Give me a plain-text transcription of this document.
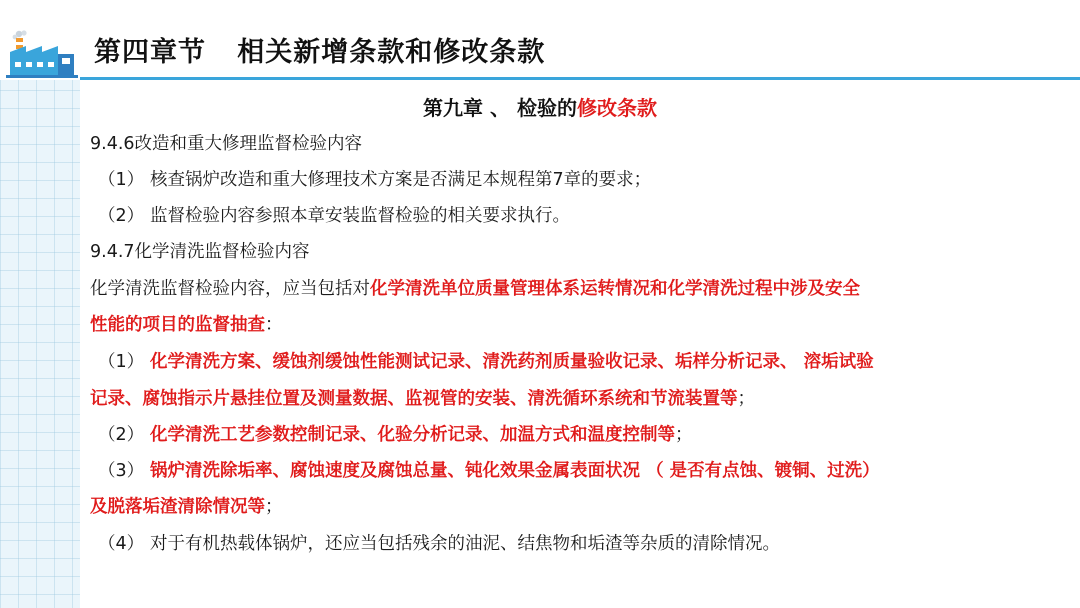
第四章节   相关新增条款和修改条款
第九章 、 检验的修改条款
9.4.6改造和重大修理监督检验内容
（1） 核查锅炉改造和重大修理技术方案是否满足本规程第7章的要求；
（2） 监督检验内容参照本章安装监督检验的相关要求执行。
9.4.7化学清洗监督检验内容
化学清洗监督检验内容，应当包括对化学清洗单位质量管理体系运转情况和化学清洗过程中涉及安全
性能的项目的监督抽查：
（1） 化学清洗方案、缓蚀剂缓蚀性能测试记录、清洗药剂质量验收记录、垢样分析记录、 溶垢试验
记录、腐蚀指示片悬挂位置及测量数据、监视管的安装、清洗循环系统和节流装置等；
（2） 化学清洗工艺参数控制记录、化验分析记录、加温方式和温度控制等；
（3） 锅炉清洗除垢率、腐蚀速度及腐蚀总量、钝化效果金属表面状况 （ 是否有点蚀、镀铜、过洗）
及脱落垢渣清除情况等；
（4） 对于有机热载体锅炉，还应当包括残余的油泥、结焦物和垢渣等杂质的清除情况。
